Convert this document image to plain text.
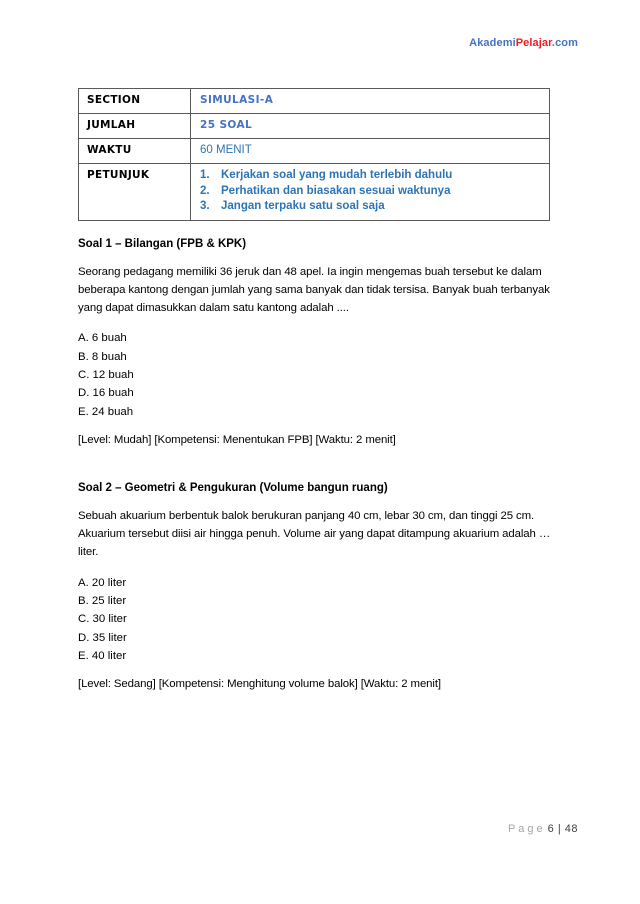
AkademiPelajar.com
SECTION	SIMULASI-A
JUMLAH	25 SOAL
WAKTU	60 MENIT
PETUNJUK	1. Kerjakan soal yang mudah terlebih dahulu
2. Perhatikan dan biasakan sesuai waktunya
3. Jangan terpaku satu soal saja
Soal 1 – Bilangan (FPB & KPK)
Seorang pedagang memiliki 36 jeruk dan 48 apel. Ia ingin mengemas buah tersebut ke dalam
beberapa kantong dengan jumlah yang sama banyak dan tidak tersisa. Banyak buah terbanyak
yang dapat dimasukkan dalam satu kantong adalah ....
A. 6 buah
B. 8 buah
C. 12 buah
D. 16 buah
E. 24 buah
[Level: Mudah] [Kompetensi: Menentukan FPB] [Waktu: 2 menit]
Soal 2 – Geometri & Pengukuran (Volume bangun ruang)
Sebuah akuarium berbentuk balok berukuran panjang 40 cm, lebar 30 cm, dan tinggi 25 cm.
Akuarium tersebut diisi air hingga penuh. Volume air yang dapat ditampung akuarium adalah …
liter.
A. 20 liter
B. 25 liter
C. 30 liter
D. 35 liter
E. 40 liter
[Level: Sedang] [Kompetensi: Menghitung volume balok] [Waktu: 2 menit]
Page 6 | 48
